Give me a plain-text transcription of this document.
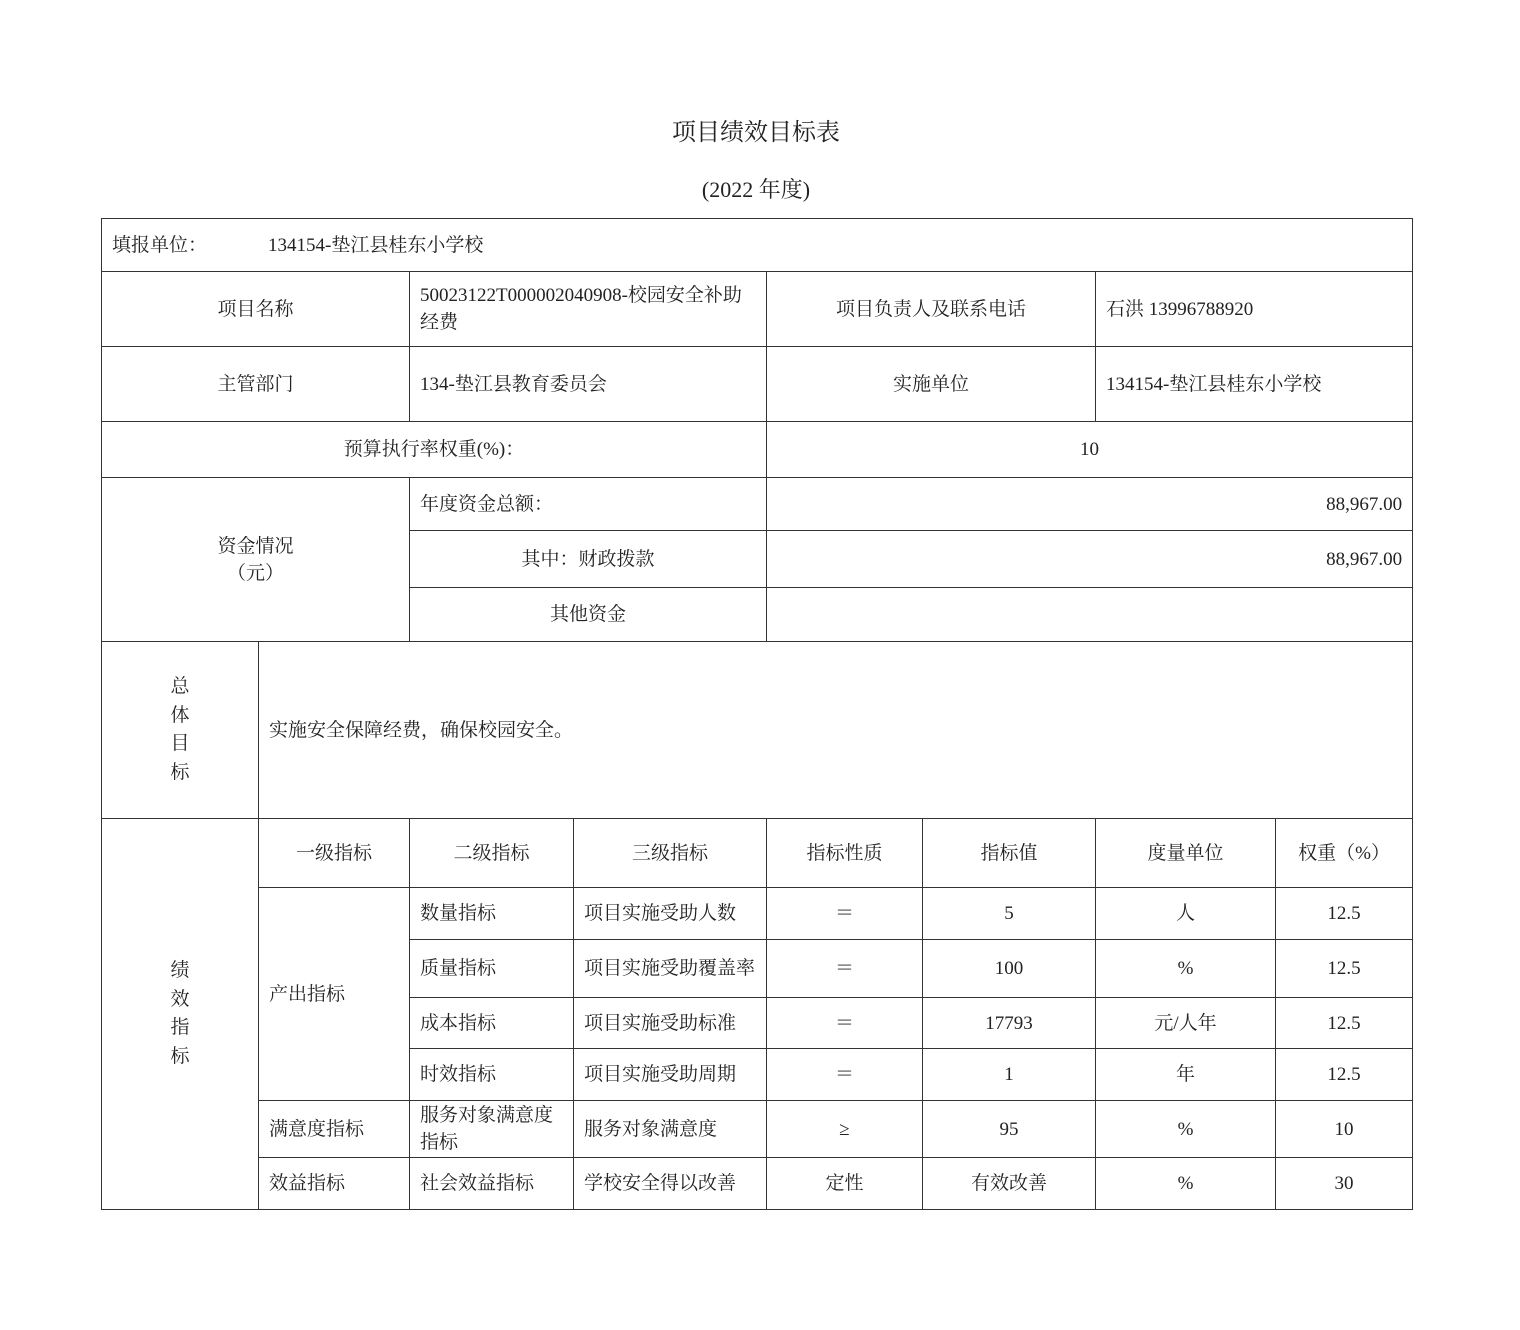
项目绩效目标表
(2022 年度)
填报单位： 134154-垫江县桂东小学校							
项目名称		50023122T000002040908-校园安全补助经费		项目负责人及联系电话		石洪 13996788920	
主管部门		134-垫江县教育委员会		实施单位		134154-垫江县桂东小学校	
预算执行率权重(%)：				10			

资金情况
（元）		年度资金总额：		88,967.00			
		其中：财政拨款		88,967.00			
		其他资金					
总体目标	实施安全保障经费，确保校园安全。						
绩效指标	一级指标	二级指标	三级指标	指标性质	指标值	度量单位	权重（%）
	产出指标	数量指标	项目实施受助人数	＝	5	人	12.5
		质量指标	项目实施受助覆盖率	＝	100	%	12.5
		成本指标	项目实施受助标准	＝	17793	元/人年	12.5
		时效指标	项目实施受助周期	＝	1	年	12.5
	满意度指标	服务对象满意度指标	服务对象满意度	≥	95	%	10
	效益指标	社会效益指标	学校安全得以改善	定性	有效改善	%	30
